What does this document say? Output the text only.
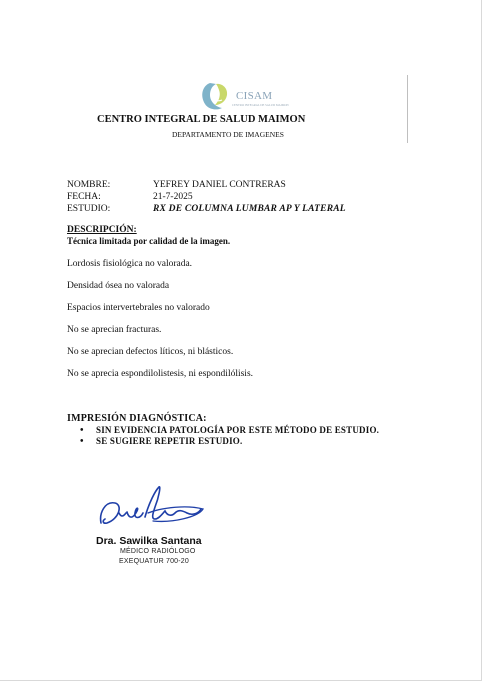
CISAM
CENTRO INTEGRAL DE SALUD MAIMON
CENTRO INTEGRAL DE SALUD MAIMON
DEPARTAMENTO DE IMAGENES
NOMBRE:	YEFREY DANIEL CONTRERAS
FECHA:	21-7-2025
ESTUDIO:	RX DE COLUMNA LUMBAR AP Y LATERAL
DESCRIPCIÓN:
Técnica limitada por calidad de la imagen.
Lordosis fisiológica no valorada.
Densidad ósea no valorada
Espacios intervertebrales no valorado
No se aprecian fracturas.
No se aprecian defectos líticos, ni blásticos.
No se aprecia espondilolistesis, ni espondilólisis.
IMPRESIÓN DIAGNÓSTICA:
• SIN EVIDENCIA PATOLOGÍA POR ESTE MÉTODO DE ESTUDIO.
• SE SUGIERE REPETIR ESTUDIO.
Dra. Sawilka Santana
MÉDICO RADIÓLOGO
EXEQUATUR 700-20
